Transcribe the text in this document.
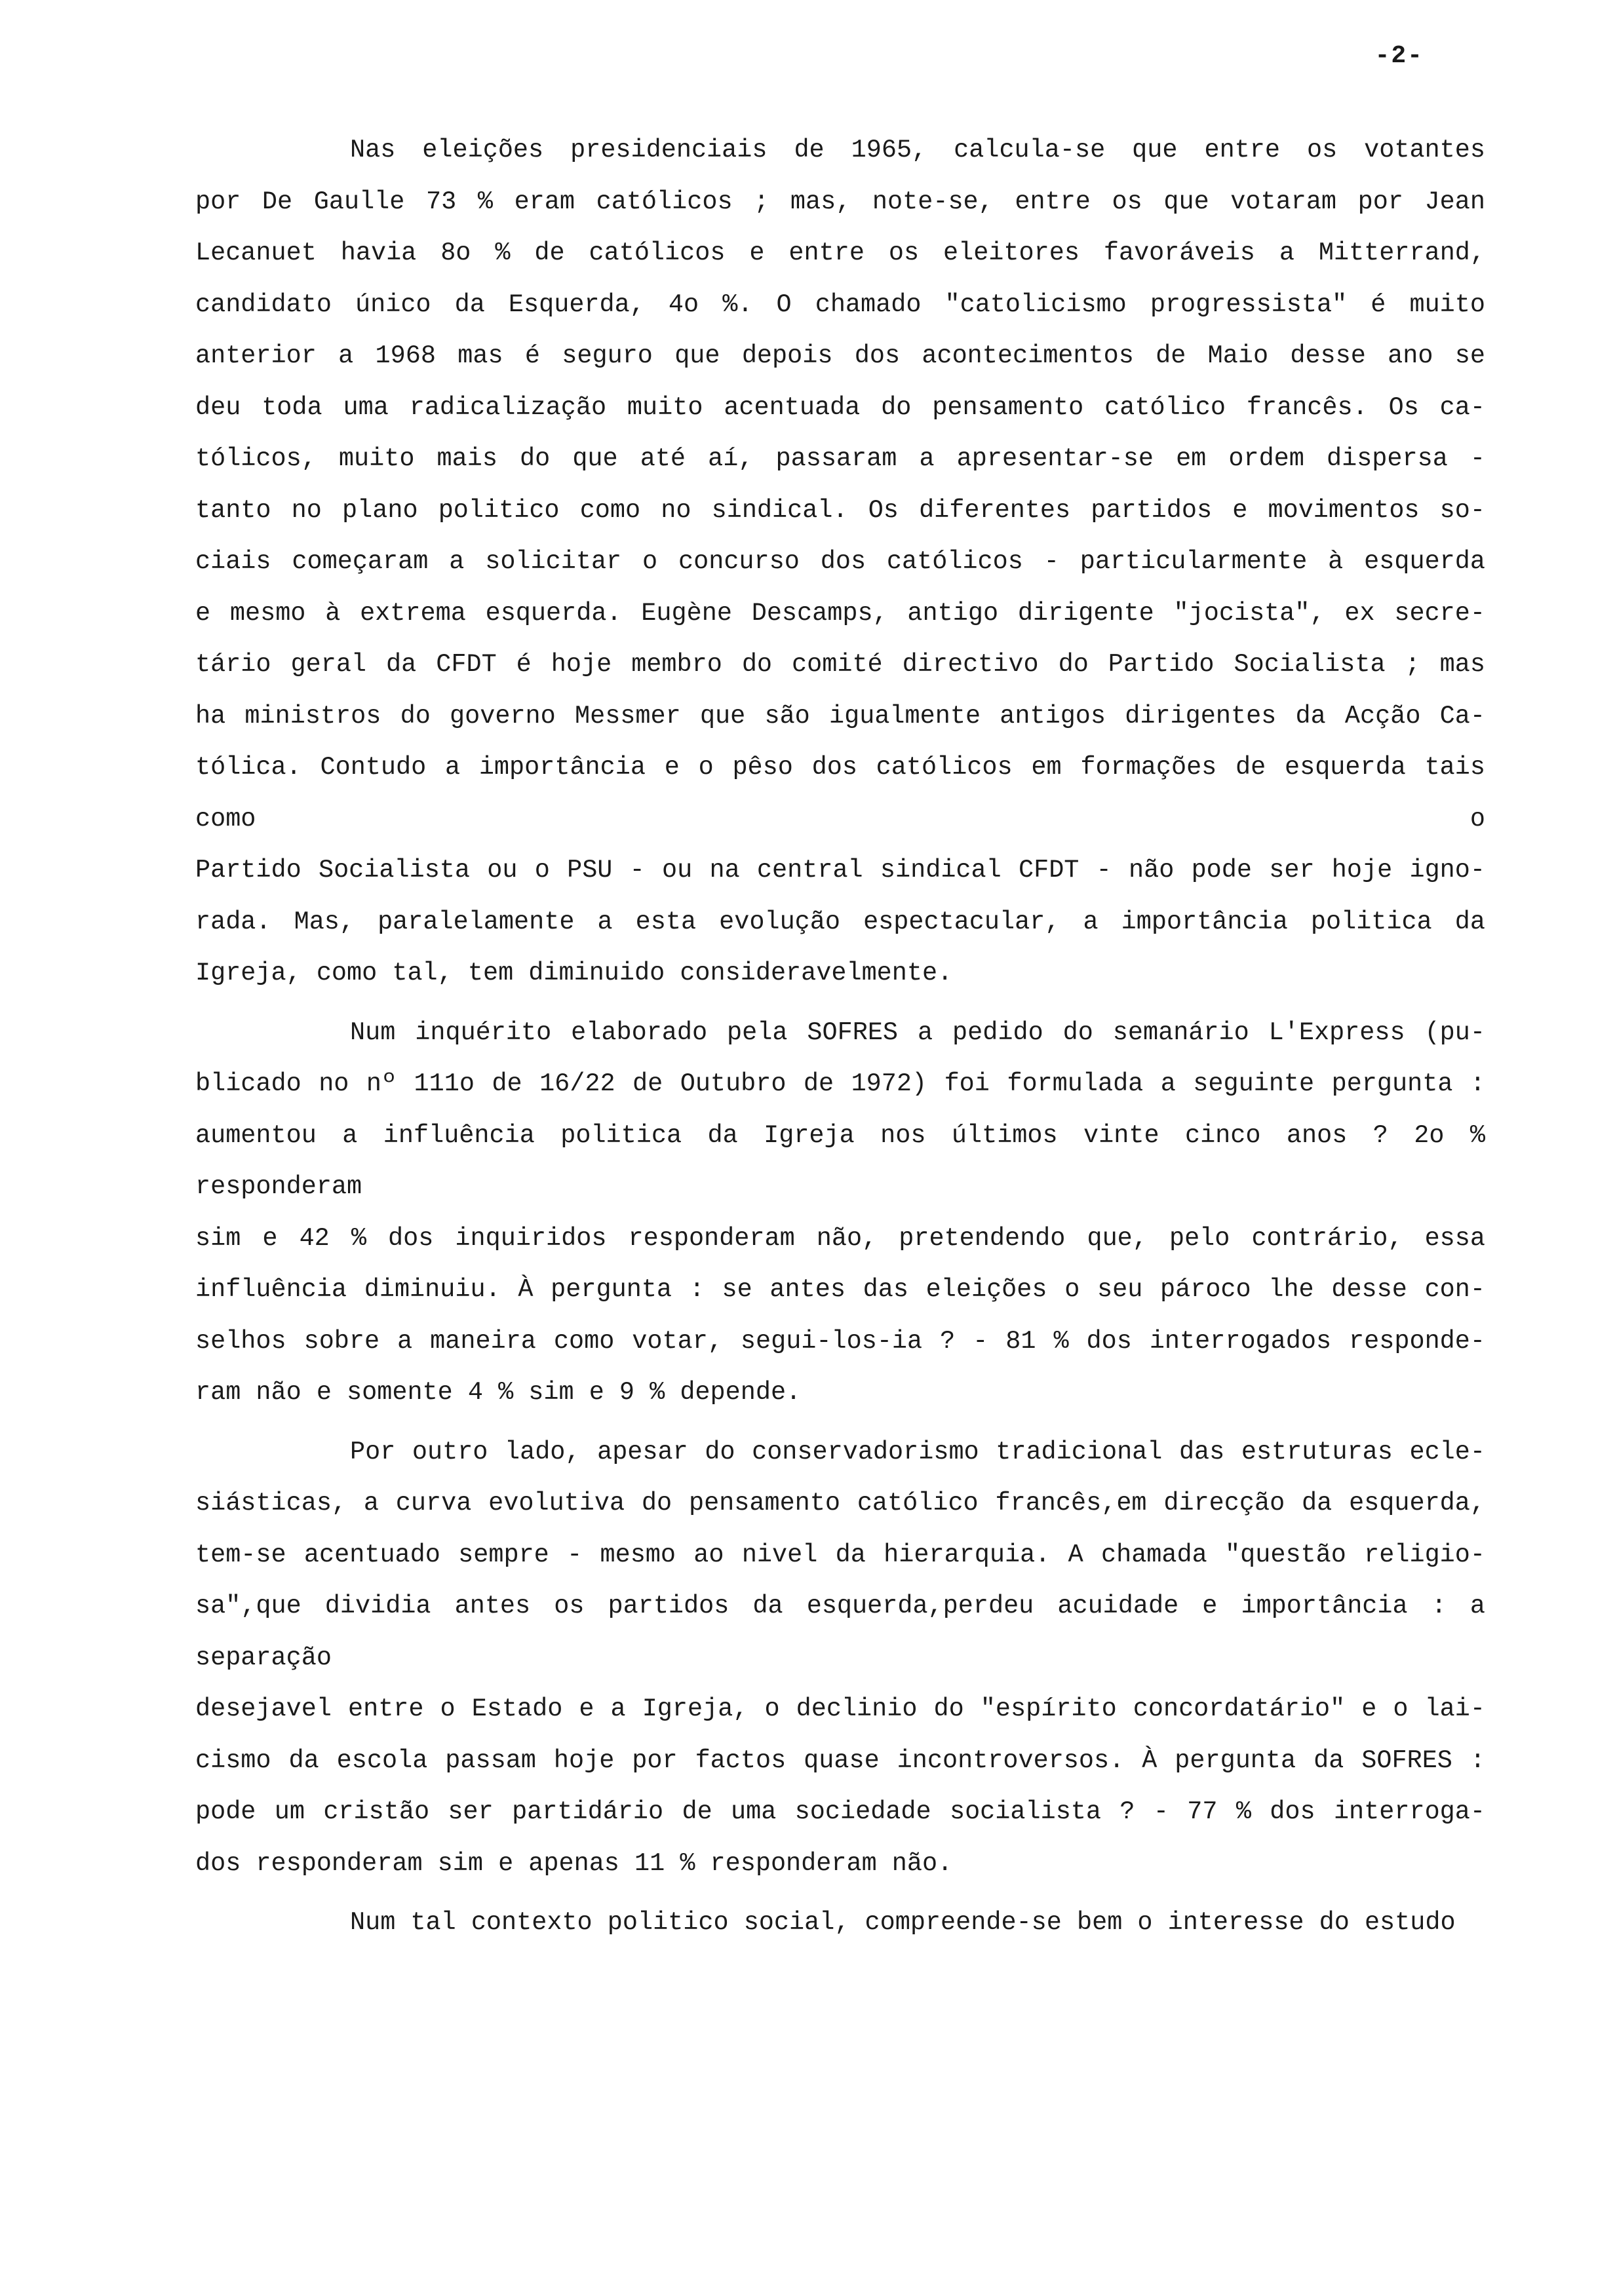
-2-

Nas eleições presidenciais de 1965, calcula-se que entre os votantes
por De Gaulle 73 % eram católicos ; mas, note-se, entre os que votaram por Jean
Lecanuet havia 8o % de católicos e entre os eleitores favoráveis a Mitterrand,
candidato único da Esquerda, 4o %. O chamado "catolicismo progressista" é muito
anterior a 1968 mas é seguro que depois dos acontecimentos de Maio desse ano se
deu toda uma radicalização muito acentuada do pensamento católico francês. Os ca-
tólicos, muito mais do que até aí, passaram a apresentar-se em ordem dispersa -
tanto no plano politico como no sindical. Os diferentes partidos e movimentos so-
ciais começaram a solicitar o concurso dos católicos - particularmente à esquerda
e mesmo à extrema esquerda. Eugène Descamps, antigo dirigente "jocista", ex secre-
tário geral da CFDT é hoje membro do comité directivo do Partido Socialista ; mas
ha ministros do governo Messmer que são igualmente antigos dirigentes da Acção Ca-
tólica. Contudo a importância e o pêso dos católicos em formações de esquerda tais como o
Partido Socialista ou o PSU - ou na central sindical CFDT - não pode ser hoje igno-
rada. Mas, paralelamente a esta evolução espectacular, a importância politica da
Igreja, como tal, tem diminuido consideravelmente.

Num inquérito elaborado pela SOFRES a pedido do semanário L'Express (pu-
blicado no nº 111o de 16/22 de Outubro de 1972) foi formulada a seguinte pergunta :
aumentou a influência politica da Igreja nos últimos vinte cinco anos ? 2o % responderam
sim e 42 % dos inquiridos responderam não, pretendendo que, pelo contrário, essa
influência diminuiu. À pergunta : se antes das eleições o seu pároco lhe desse con-
selhos sobre a maneira como votar, segui-los-ia ? - 81 % dos interrogados responde-
ram não e somente 4 % sim e 9 % depende.

Por outro lado, apesar do conservadorismo tradicional das estruturas ecle-
siásticas, a curva evolutiva do pensamento católico francês,em direcção da esquerda,
tem-se acentuado sempre - mesmo ao nivel da hierarquia. A chamada "questão religio-
sa",que dividia antes os partidos da esquerda,perdeu acuidade e importância : a separação
desejavel entre o Estado e a Igreja, o declinio do "espírito concordatário" e o lai-
cismo da escola passam hoje por factos quase incontroversos. À pergunta da SOFRES :
pode um cristão ser partidário de uma sociedade socialista ? - 77 % dos interroga-
dos responderam sim e apenas 11 % responderam não.

Num tal contexto politico social, compreende-se bem o interesse do estudo
